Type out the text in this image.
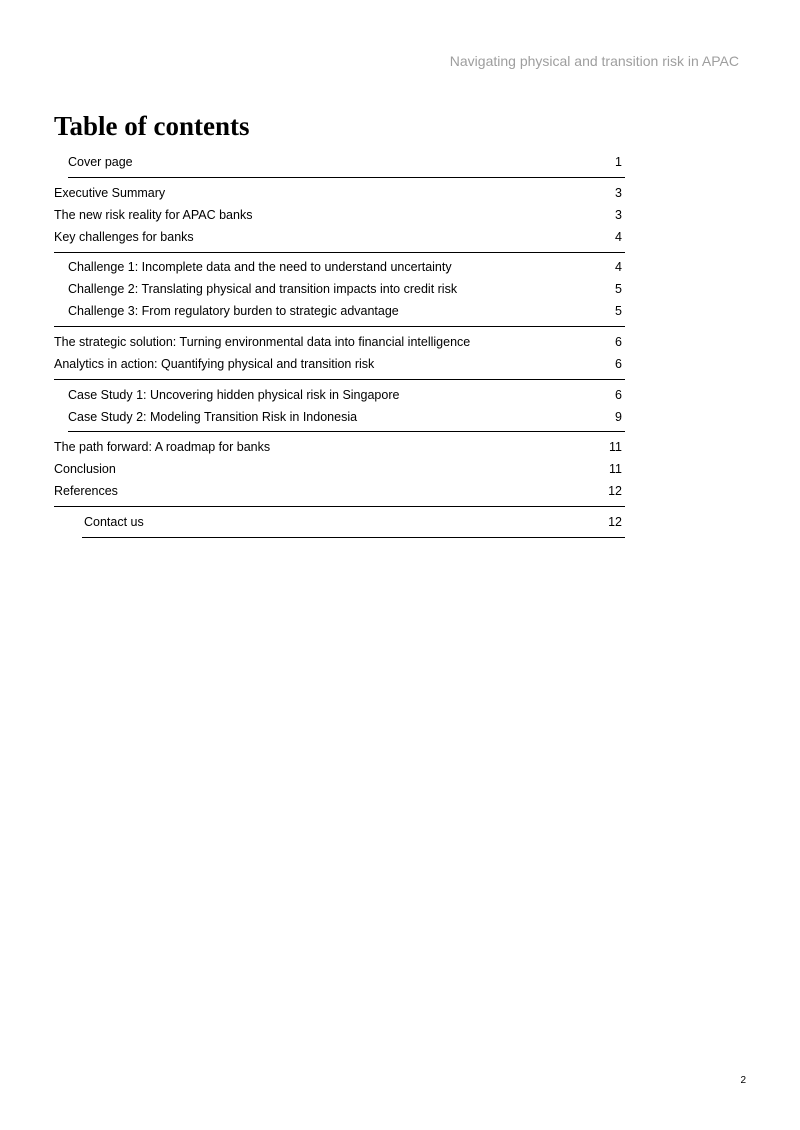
Navigating physical and transition risk in APAC
Table of contents
Cover page	1
Executive Summary	3
The new risk reality for APAC banks	3
Key challenges for banks	4
Challenge 1: Incomplete data and the need to understand uncertainty	4
Challenge 2: Translating physical and transition impacts into credit risk	5
Challenge 3: From regulatory burden to strategic advantage	5
The strategic solution: Turning environmental data into financial intelligence	6
Analytics in action: Quantifying physical and transition risk	6
Case Study 1: Uncovering hidden physical risk in Singapore	6
Case Study 2: Modeling Transition Risk in Indonesia	9
The path forward: A roadmap for banks	11
Conclusion	11
References	12
Contact us	12
2
